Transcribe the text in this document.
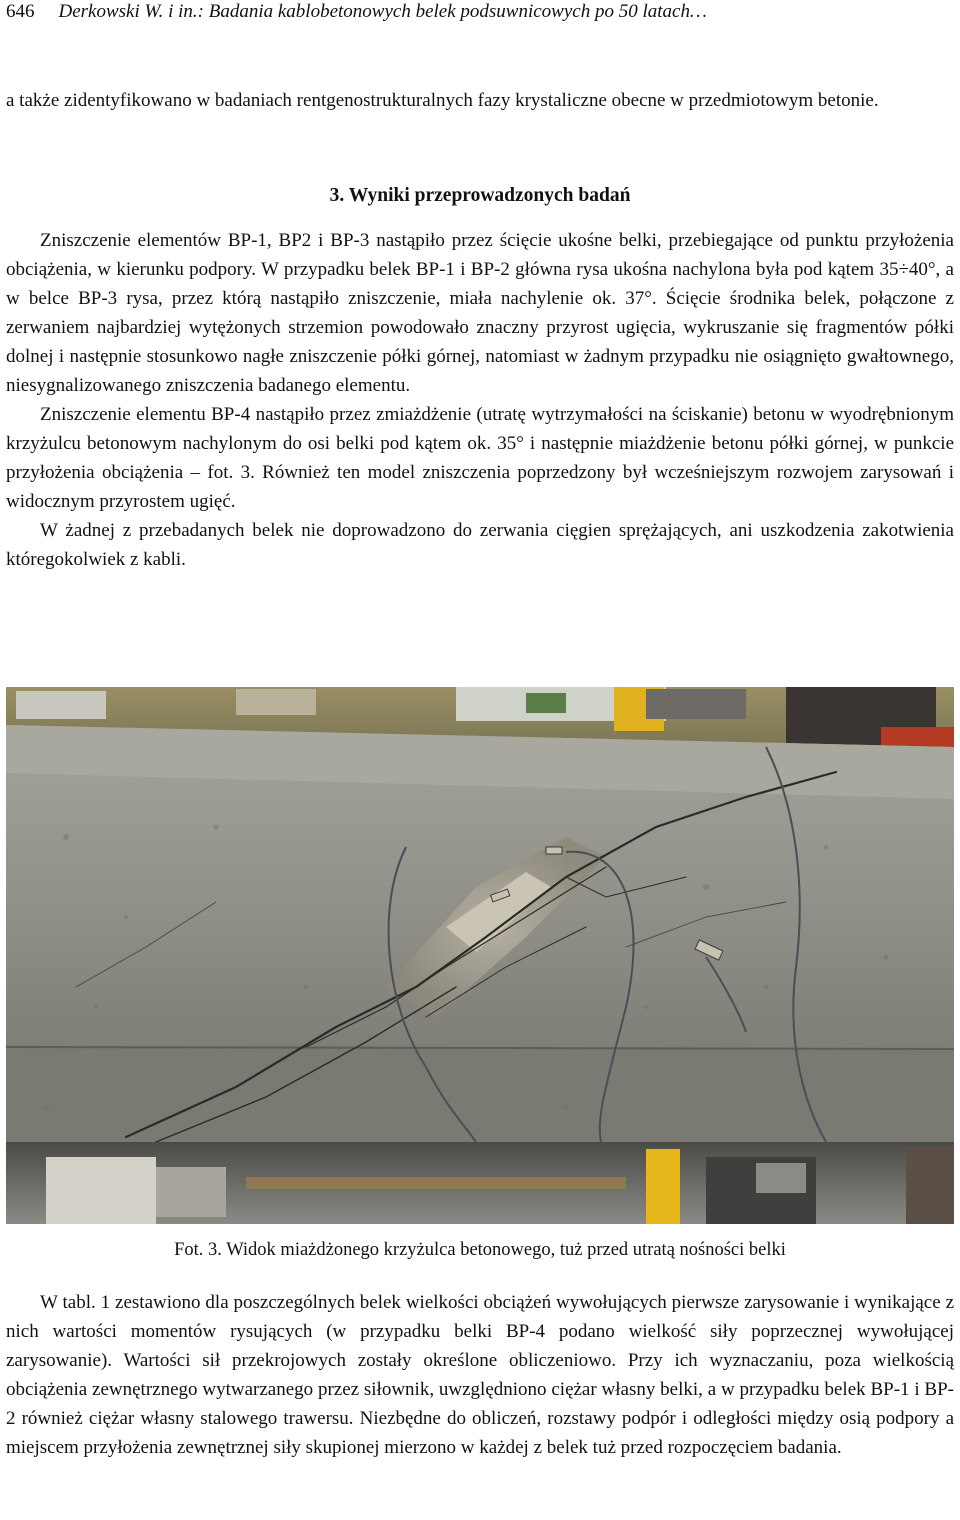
646 Derkowski W. i in.: Badania kablobetonowych belek podsuwnicowych po 50 latach…

a także zidentyfikowano w badaniach rentgenostrukturalnych fazy krystaliczne obecne w przedmiotowym betonie.

3. Wyniki przeprowadzonych badań

Zniszczenie elementów BP-1, BP2 i BP-3 nastąpiło przez ścięcie ukośne belki, przebiegające od punktu przyłożenia obciążenia, w kierunku podpory. W przypadku belek BP-1 i BP-2 główna rysa ukośna nachylona była pod kątem 35÷40°, a w belce BP-3 rysa, przez którą nastąpiło zniszczenie, miała nachylenie ok. 37°. Ścięcie środnika belek, połączone z zerwaniem najbardziej wytężonych strzemion powodowało znaczny przyrost ugięcia, wykruszanie się fragmentów półki dolnej i następnie stosunkowo nagłe zniszczenie półki górnej, natomiast w żadnym przypadku nie osiągnięto gwałtownego, niesygnalizowanego zniszczenia badanego elementu.

Zniszczenie elementu BP-4 nastąpiło przez zmiażdżenie (utratę wytrzymałości na ściskanie) betonu w wyodrębnionym krzyżulcu betonowym nachylonym do osi belki pod kątem ok. 35° i następnie miażdżenie betonu półki górnej, w punkcie przyłożenia obciążenia – fot. 3. Również ten model zniszczenia poprzedzony był wcześniejszym rozwojem zarysowań i widocznym przyrostem ugięć.

W żadnej z przebadanych belek nie doprowadzono do zerwania cięgien sprężających, ani uszkodzenia zakotwienia któregokolwiek z kabli.

Fot. 3. Widok miażdżonego krzyżulca betonowego, tuż przed utratą nośności belki

W tabl. 1 zestawiono dla poszczególnych belek wielkości obciążeń wywołujących pierwsze zarysowanie i wynikające z nich wartości momentów rysujących (w przypadku belki BP-4 podano wielkość siły poprzecznej wywołującej zarysowanie). Wartości sił przekrojowych zostały określone obliczeniowo. Przy ich wyznaczaniu, poza wielkością obciążenia zewnętrznego wytwarzanego przez siłownik, uwzględniono ciężar własny belki, a w przypadku belek BP-1 i BP-2 również ciężar własny stalowego trawersu. Niezbędne do obliczeń, rozstawy podpór i odległości między osią podpory a miejscem przyłożenia zewnętrznej siły skupionej mierzono w każdej z belek tuż przed rozpoczęciem badania.
